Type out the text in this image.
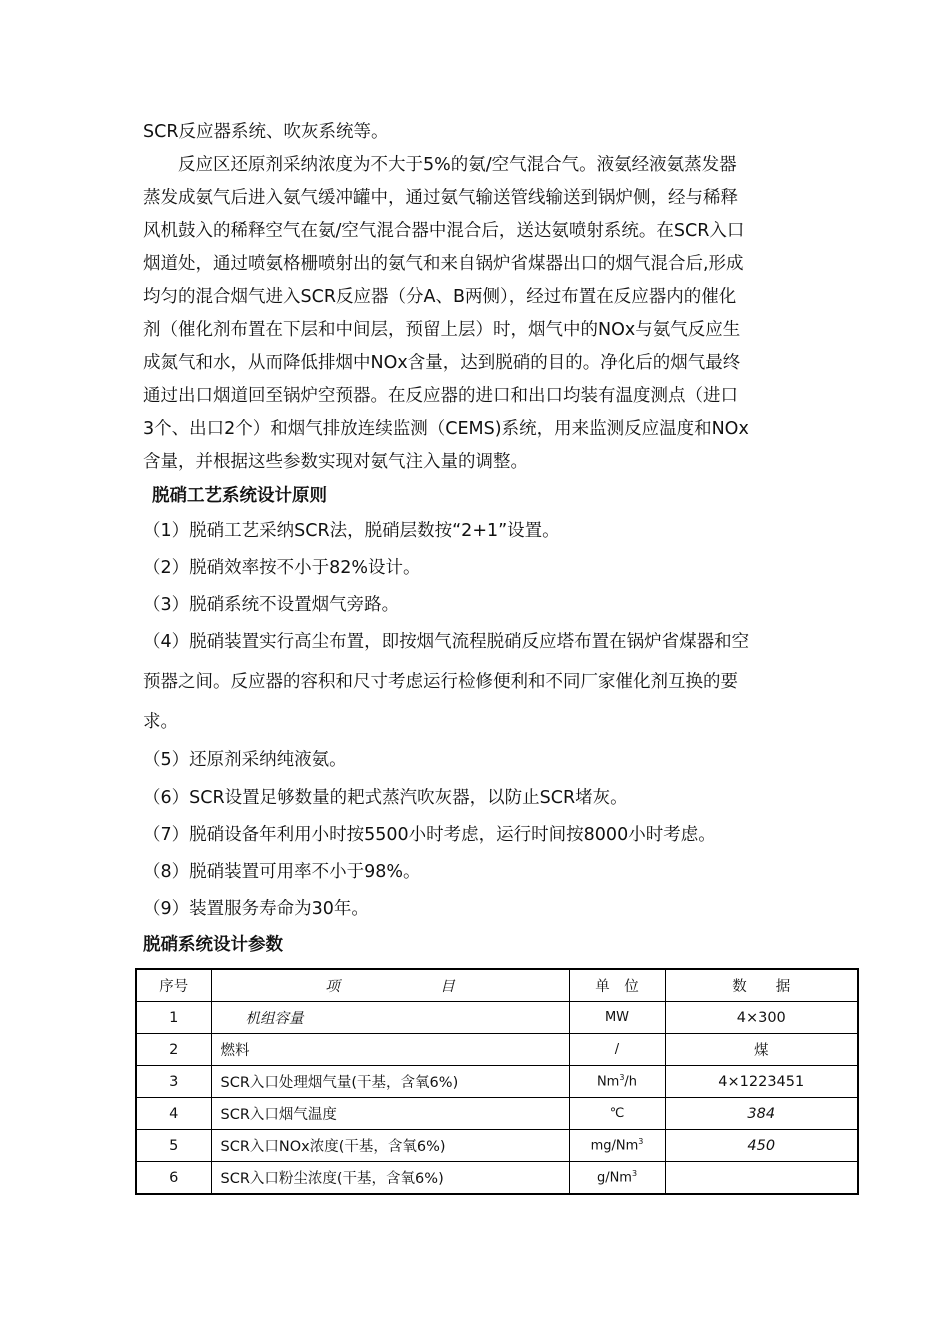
SCR反应器系统、吹灰系统等。
反应区还原剂采纳浓度为不大于5%的氨/空气混合气。液氨经液氨蒸发器
蒸发成氨气后进入氨气缓冲罐中，通过氨气输送管线输送到锅炉侧，经与稀释
风机鼓入的稀释空气在氨/空气混合器中混合后，送达氨喷射系统。在SCR入口
烟道处，通过喷氨格栅喷射出的氨气和来自锅炉省煤器出口的烟气混合后,形成
均匀的混合烟气进入SCR反应器（分A、B两侧），经过布置在反应器内的催化
剂（催化剂布置在下层和中间层，预留上层）时，烟气中的NOx与氨气反应生
成氮气和水，从而降低排烟中NOx含量，达到脱硝的目的。净化后的烟气最终
通过出口烟道回至锅炉空预器。在反应器的进口和出口均装有温度测点（进口
3个、出口2个）和烟气排放连续监测（CEMS)系统，用来监测反应温度和NOx
含量，并根据这些参数实现对氨气注入量的调整。
脱硝工艺系统设计原则
（1）脱硝工艺采纳SCR法，脱硝层数按“2+1”设置。
（2）脱硝效率按不小于82%设计。
（3）脱硝系统不设置烟气旁路。
（4）脱硝装置实行高尘布置，即按烟气流程脱硝反应塔布置在锅炉省煤器和空
预器之间。反应器的容积和尺寸考虑运行检修便利和不同厂家催化剂互换的要
求。
（5）还原剂采纳纯液氨。
（6）SCR设置足够数量的耙式蒸汽吹灰器，以防止SCR堵灰。
（7）脱硝设备年利用小时按5500小时考虑，运行时间按8000小时考虑。
（8）脱硝装置可用率不小于98%。
（9）装置服务寿命为30年。
脱硝系统设计参数
序号	项 目	单　位	数　　据
1	机组容量	MW	4×300
2	燃料	/	煤
3	SCR入口处理烟气量(干基，含氧6%)	Nm$^3$/h	4×1223451
4	SCR入口烟气温度	℃	384
5	SCR入口NOx浓度(干基，含氧6%)	mg/Nm$^3$	450
6	SCR入口粉尘浓度(干基，含氧6%)	g/Nm$^3$	
